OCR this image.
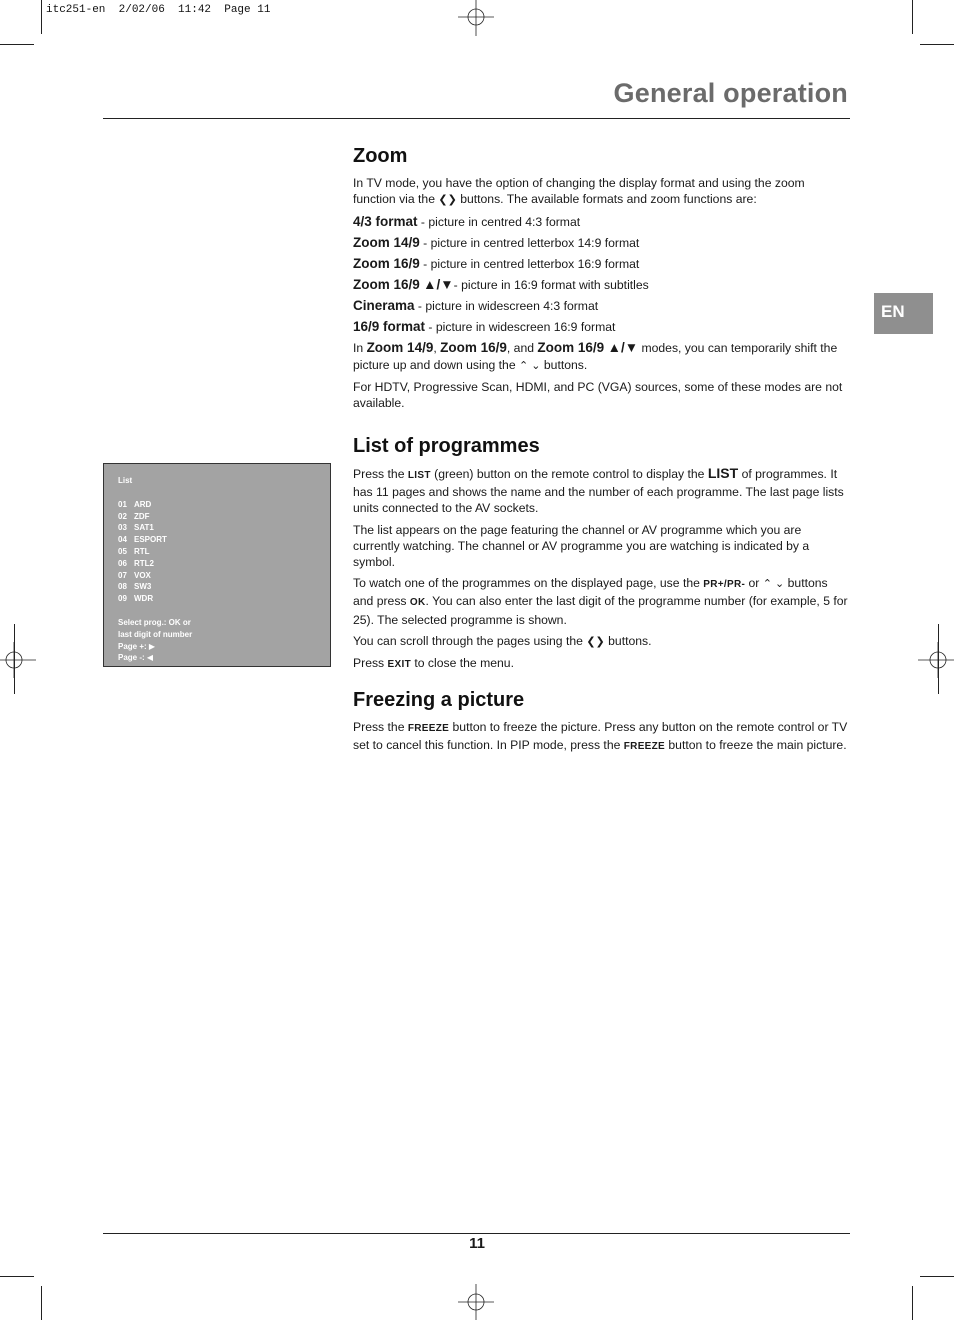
itc251-en  2/02/06  11:42  Page 11
General operation
EN
Zoom

In TV mode, you have the option of changing the display format and using the zoom function via the ❮❯ buttons. The available formats and zoom functions are:

4/3 format - picture in centred 4:3 format

Zoom 14/9 - picture in centred letterbox 14:9 format

Zoom 16/9 - picture in centred letterbox 16:9 format

Zoom 16/9 ▲/▼- picture in 16:9 format with subtitles

Cinerama - picture in widescreen 4:3 format

16/9 format - picture in widescreen 16:9 format

In Zoom 14/9, Zoom 16/9, and Zoom 16/9 ▲/▼ modes, you can temporarily shift the picture up and down using the ⌃ ⌄ buttons.

For HDTV, Progressive Scan, HDMI, and PC (VGA) sources, some of these modes are not available.

List of programmes

Press the LIST (green) button on the remote control to display the LIST of programmes. It has 11 pages and shows the name and the number of each programme. The last page lists units connected to the AV sockets.

The list appears on the page featuring the channel or AV programme which you are currently watching. The channel or AV programme you are watching is indicated by a symbol.

To watch one of the programmes on the displayed page, use the PR+/PR- or ⌃ ⌄ buttons and press OK. You can also enter the last digit of the programme number (for example, 5 for 25). The selected programme is shown.

You can scroll through the pages using the ❮❯ buttons.

Press EXIT to close the menu.

List
01 ARD
02 ZDF
03 SAT1
04 ESPORT
05 RTL
06 RTL2
07 VOX
08 SW3
09 WDR
Select prog.: OK or
last digit of number
Page +: ▶
Page -: ◀
Freezing a picture

Press the FREEZE button to freeze the picture. Press any button on the remote control or TV set to cancel this function. In PIP mode, press the FREEZE button to freeze the main picture.

11
